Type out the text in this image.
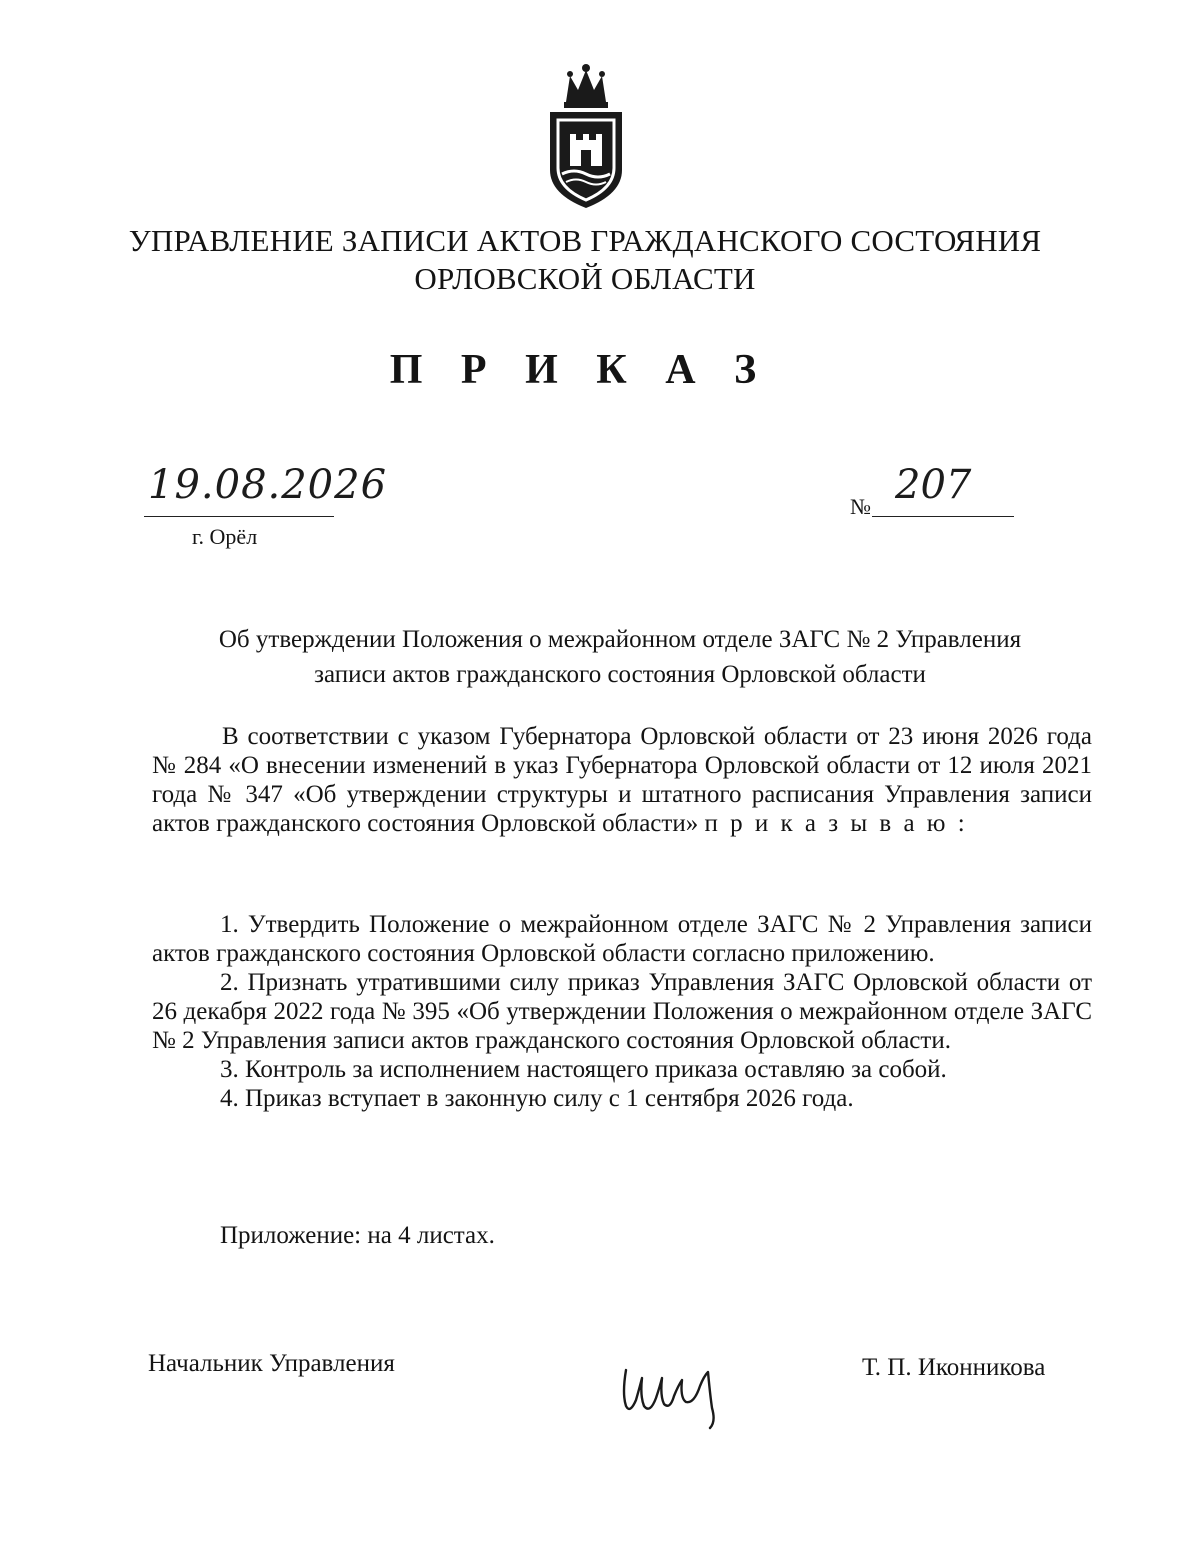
УПРАВЛЕНИЕ ЗАПИСИ АКТОВ ГРАЖДАНСКОГО СОСТОЯНИЯ
ОРЛОВСКОЙ ОБЛАСТИ
П Р И К А З
19.08.2026
г. Орёл
№ 207
Об утверждении Положения о межрайонном отделе ЗАГС № 2 Управления
записи актов гражданского состояния Орловской области
В соответствии с указом Губернатора Орловской области от 23 июня 2026 года № 284 «О внесении изменений в указ Губернатора Орловской области от 12 июля 2021 года № 347 «Об утверждении структуры и штатного расписания Управления записи актов гражданского состояния Орловской области» п р и к а з ы в а ю :

1. Утвердить Положение о межрайонном отделе ЗАГС № 2 Управления записи актов гражданского состояния Орловской области согласно приложению.

2. Признать утратившими силу приказ Управления ЗАГС Орловской области от 26 декабря 2022 года № 395 «Об утверждении Положения о межрайонном отделе ЗАГС № 2 Управления записи актов гражданского состояния Орловской области.

3. Контроль за исполнением настоящего приказа оставляю за собой.

4. Приказ вступает в законную силу с 1 сентября 2026 года.

Приложение: на 4 листах.
Начальник Управления	Т. П. Иконникова
